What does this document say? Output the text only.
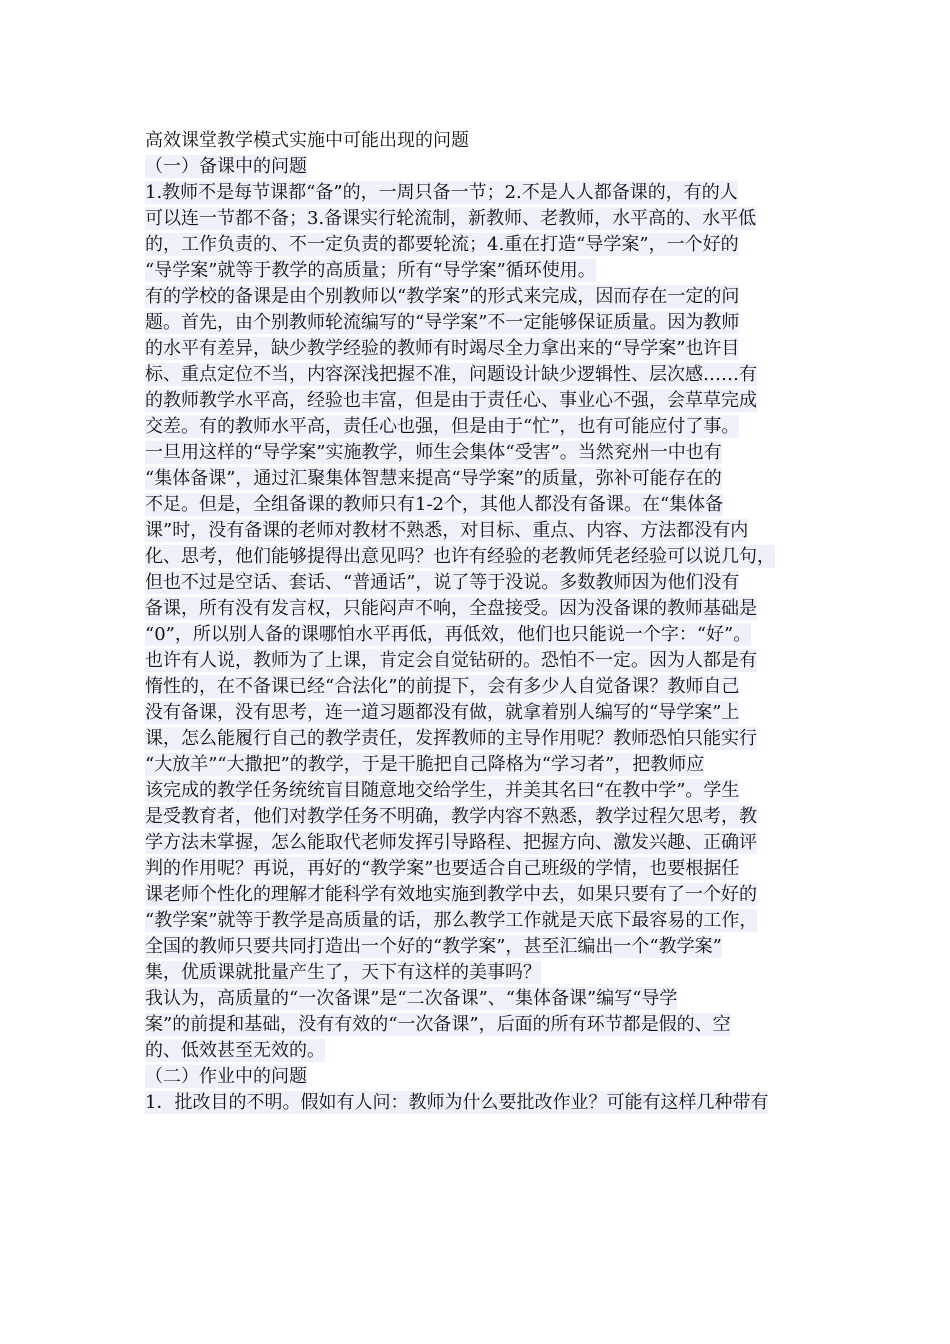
高效课堂教学模式实施中可能出现的问题
（一）备课中的问题
1.教师不是每节课都“备”的，一周只备一节；2.不是人人都备课的，有的人
可以连一节都不备；3.备课实行轮流制，新教师、老教师，水平高的、水平低
的，工作负责的、不一定负责的都要轮流；4.重在打造“导学案”，一个好的
“导学案”就等于教学的高质量；所有“导学案”循环使用。
有的学校的备课是由个别教师以“教学案”的形式来完成，因而存在一定的问
题。首先，由个别教师轮流编写的“导学案”不一定能够保证质量。因为教师
的水平有差异，缺少教学经验的教师有时竭尽全力拿出来的“导学案”也许目
标、重点定位不当，内容深浅把握不准，问题设计缺少逻辑性、层次感……有
的教师教学水平高，经验也丰富，但是由于责任心、事业心不强，会草草完成
交差。有的教师水平高，责任心也强，但是由于“忙”，也有可能应付了事。
一旦用这样的“导学案”实施教学，师生会集体“受害”。当然兖州一中也有
“集体备课”，通过汇聚集体智慧来提高“导学案”的质量，弥补可能存在的
不足。但是，全组备课的教师只有1-2个，其他人都没有备课。在“集体备
课”时，没有备课的老师对教材不熟悉，对目标、重点、内容、方法都没有内
化、思考，他们能够提得出意见吗？也许有经验的老教师凭老经验可以说几句，
但也不过是空话、套话、“普通话”，说了等于没说。多数教师因为他们没有
备课，所有没有发言权，只能闷声不响，全盘接受。因为没备课的教师基础是
“0”，所以别人备的课哪怕水平再低，再低效，他们也只能说一个字：“好”。
也许有人说，教师为了上课，肯定会自觉钻研的。恐怕不一定。因为人都是有
惰性的，在不备课已经“合法化”的前提下，会有多少人自觉备课？教师自己
没有备课，没有思考，连一道习题都没有做，就拿着别人编写的“导学案”上
课，怎么能履行自己的教学责任，发挥教师的主导作用呢？教师恐怕只能实行
“大放羊”“大撒把”的教学，于是干脆把自己降格为“学习者”，把教师应
该完成的教学任务统统盲目随意地交给学生，并美其名曰“在教中学”。学生
是受教育者，他们对教学任务不明确，教学内容不熟悉，教学过程欠思考，教
学方法未掌握，怎么能取代老师发挥引导路程、把握方向、激发兴趣、正确评
判的作用呢？再说，再好的“教学案”也要适合自己班级的学情，也要根据任
课老师个性化的理解才能科学有效地实施到教学中去，如果只要有了一个好的
“教学案”就等于教学是高质量的话，那么教学工作就是天底下最容易的工作，
全国的教师只要共同打造出一个好的“教学案”，甚至汇编出一个“教学案”
集，优质课就批量产生了，天下有这样的美事吗？
我认为，高质量的“一次备课”是“二次备课”、“集体备课”编写“导学
案”的前提和基础，没有有效的“一次备课”，后面的所有环节都是假的、空
的、低效甚至无效的。
（二）作业中的问题
1．批改目的不明。假如有人问：教师为什么要批改作业？可能有这样几种带有
